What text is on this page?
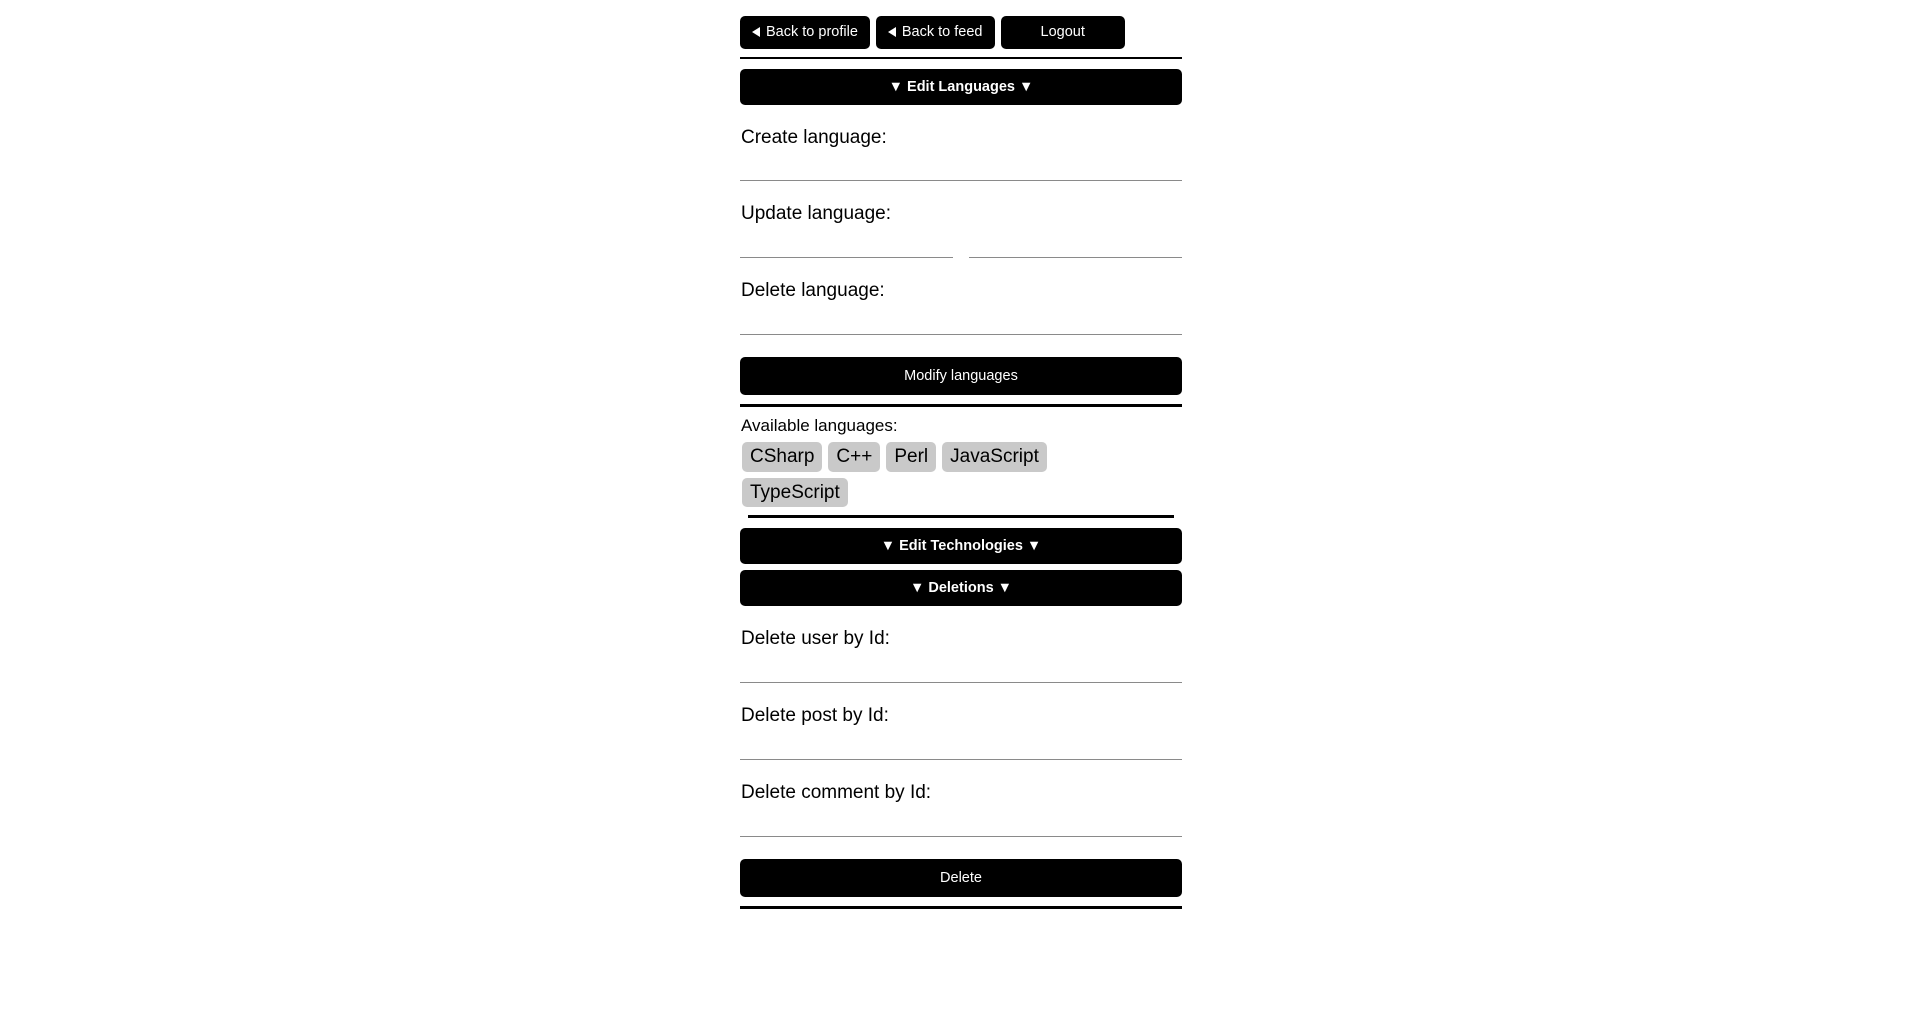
Back to profile	Back to feed	Logout
▼ Edit Languages ▼
Create language:
Update language:
Delete language:
Modify languages
Available languages:
CSharp	C++	Perl	JavaScript
TypeScript
▼ Edit Technologies ▼
▼ Deletions ▼
Delete user by Id:
Delete post by Id:
Delete comment by Id:
Delete
